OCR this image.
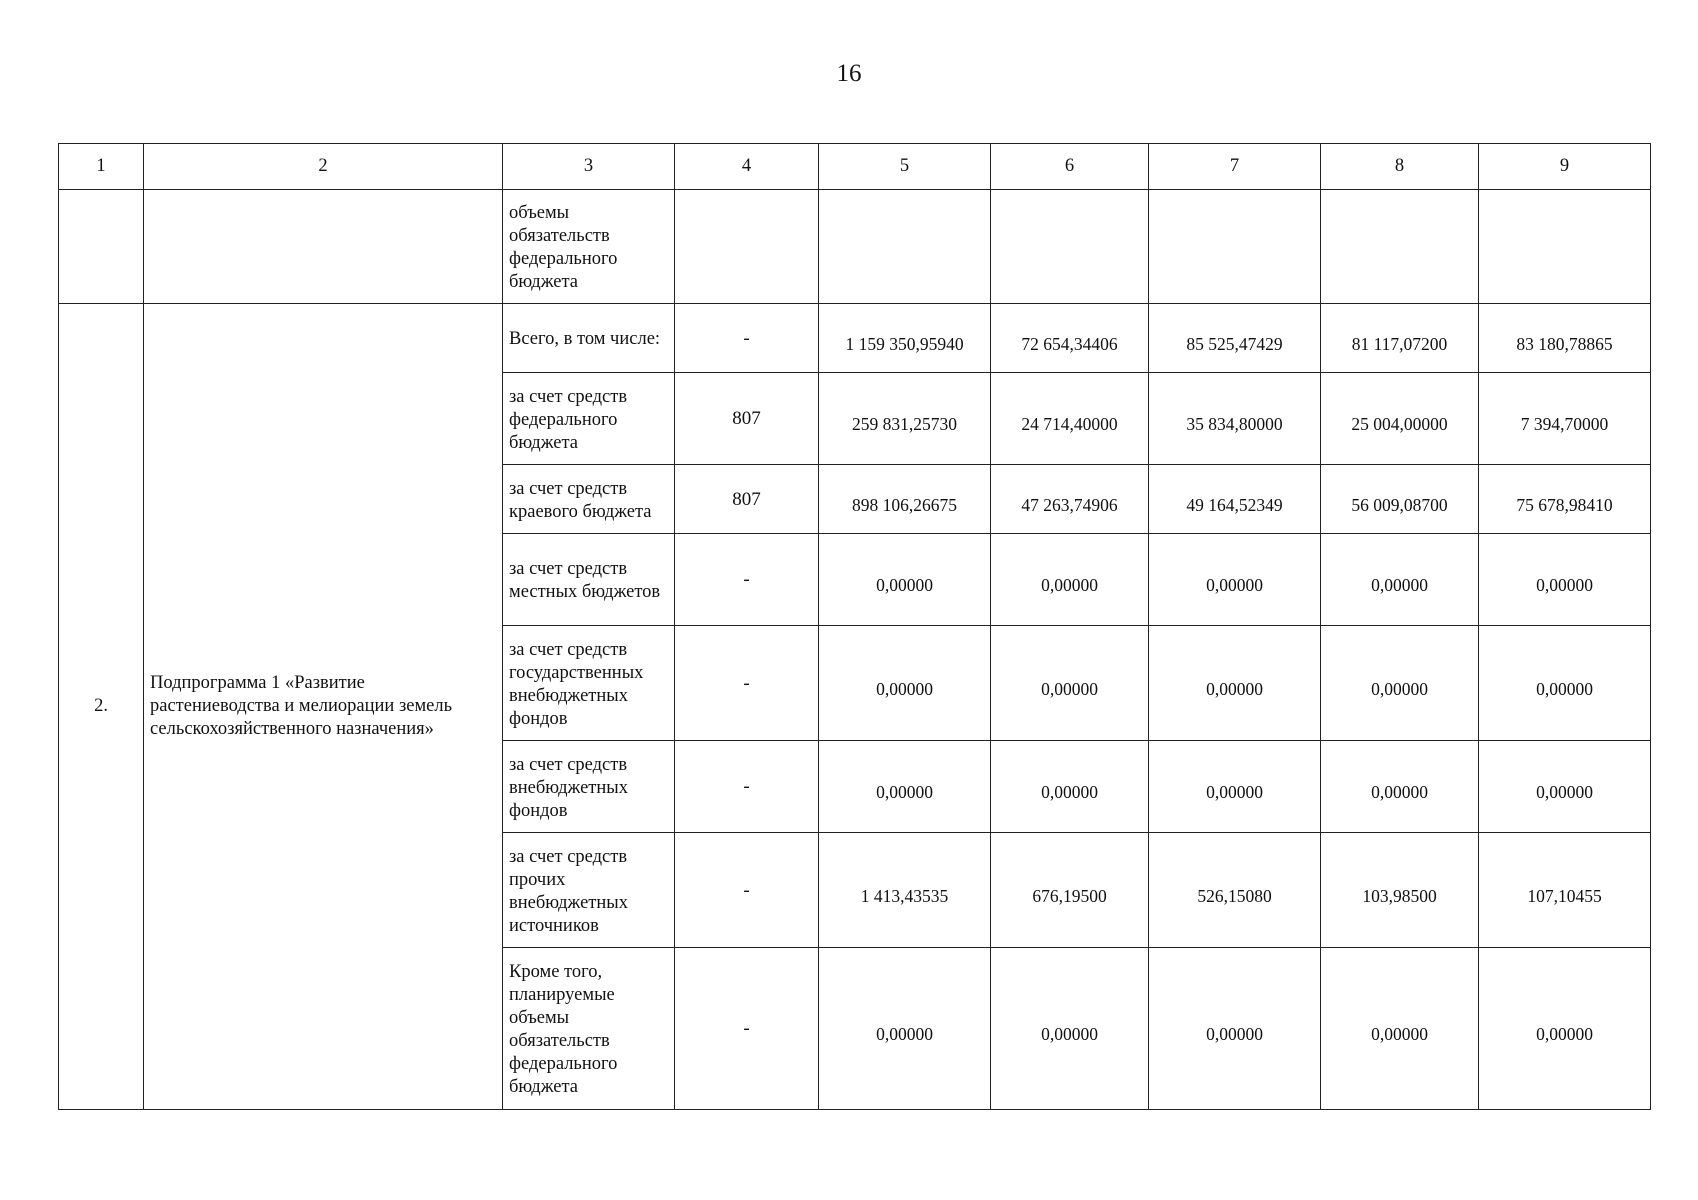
16
1	2	3	4	5	6	7	8	9
		объемы обязательств федерального бюджета						
2.	Подпрограмма 1 «Развитие растениеводства и мелиорации земель сельскохозяйственного назначения»	Всего, в том числе:	-	1 159 350,95940	72 654,34406	85 525,47429	81 117,07200	83 180,78865
		за счет средств федерального бюджета	807	259 831,25730	24 714,40000	35 834,80000	25 004,00000	7 394,70000
		за счет средств краевого бюджета	807	898 106,26675	47 263,74906	49 164,52349	56 009,08700	75 678,98410
		за счет средств местных бюджетов	-	0,00000	0,00000	0,00000	0,00000	0,00000
		за счет средств государственных внебюджетных фондов	-	0,00000	0,00000	0,00000	0,00000	0,00000
		за счет средств внебюджетных фондов	-	0,00000	0,00000	0,00000	0,00000	0,00000
		за счет средств прочих внебюджетных источников	-	1 413,43535	676,19500	526,15080	103,98500	107,10455
		Кроме того, планируемые объемы обязательств федерального бюджета	-	0,00000	0,00000	0,00000	0,00000	0,00000
